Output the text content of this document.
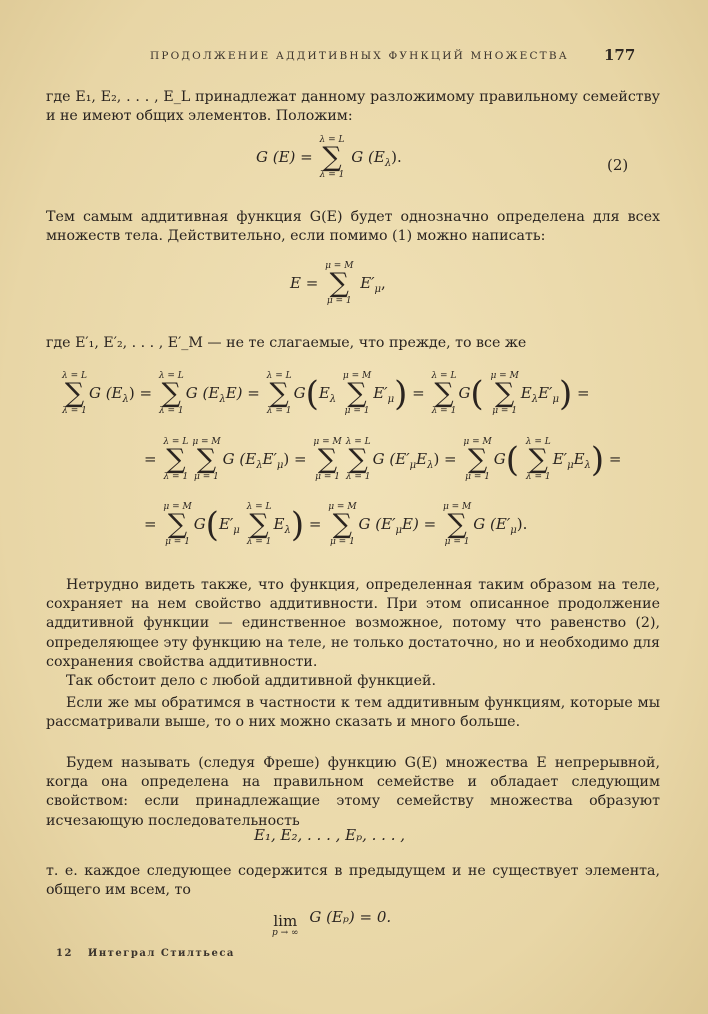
ПРОДОЛЖЕНИЕ АДДИТИВНЫХ ФУНКЦИЙ МНОЖЕСТВА 177

где E₁, E₂, . . . , E_L принадлежат данному разложимому правильному семейству и не имеют общих элементов. Положим:

G (E) =
λ = L
∑
λ = 1
G $(E_\lambda)$.	(2)

Тем самым аддитивная функция G(E) будет однозначно определена для всех множеств тела. Действительно, если помимо (1) можно написать:

E =
μ = M
∑
μ = 1
$E'_\mu$,

где E′₁, E′₂, . . . , E′_M — не те слагаемые, что прежде, то все же

λ = L
∑
λ = 1
G $(E_\lambda)$ =
λ = L
∑
λ = 1
G $(E_\lambda E)$ =
λ = L
∑
λ = 1
$G(E_\lambda$
μ = M
∑
μ = 1
$E'_\mu$) =
λ = L
∑
λ = 1
G( μ = M
∑
μ = 1
$E_\lambda E'_\mu$) =
=
λ = L
∑
λ = 1
μ = M
∑
μ = 1
G $(E_\lambda E'_\mu)$ =
μ = M
∑
μ = 1
λ = L
∑
λ = 1
G $(E'_\mu E_\lambda)$ =
μ = M
∑
μ = 1
G( λ = L
∑
λ = 1
$E'_\mu E_\lambda$) =
=
μ = M
∑
μ = 1
$G(E'_\mu$
λ = L
∑
λ = 1
$E_\lambda$) =
μ = M
∑
μ = 1
G $(E'_\mu E)$ =
μ = M
∑
μ = 1
G $(E'_\mu)$.

Нетрудно видеть также, что функция, определенная таким образом на теле, сохраняет на нем свойство аддитивности. При этом описанное продолжение аддитивной функции — единственное возможное, потому что равенство (2), определяющее эту функцию на теле, не только достаточно, но и необходимо для сохранения свойства аддитивности.

Так обстоит дело с любой аддитивной функцией.

Если же мы обратимся в частности к тем аддитивным функциям, которые мы рассматривали выше, то о них можно сказать и много больше.

Будем называть (следуя Фреше) функцию G(E) множества E непрерывной, когда она определена на правильном семействе и обладает следующим свойством: если принадлежащие этому семейству множества образуют исчезающую последовательность

E₁, E₂, . . . , Eₚ, . . . ,

т. е. каждое следующее содержится в предыдущем и не существует элемента, общего им всем, то

lim
p → ∞
G (Eₚ) = 0.
12 Интеграл Стилтьеса
